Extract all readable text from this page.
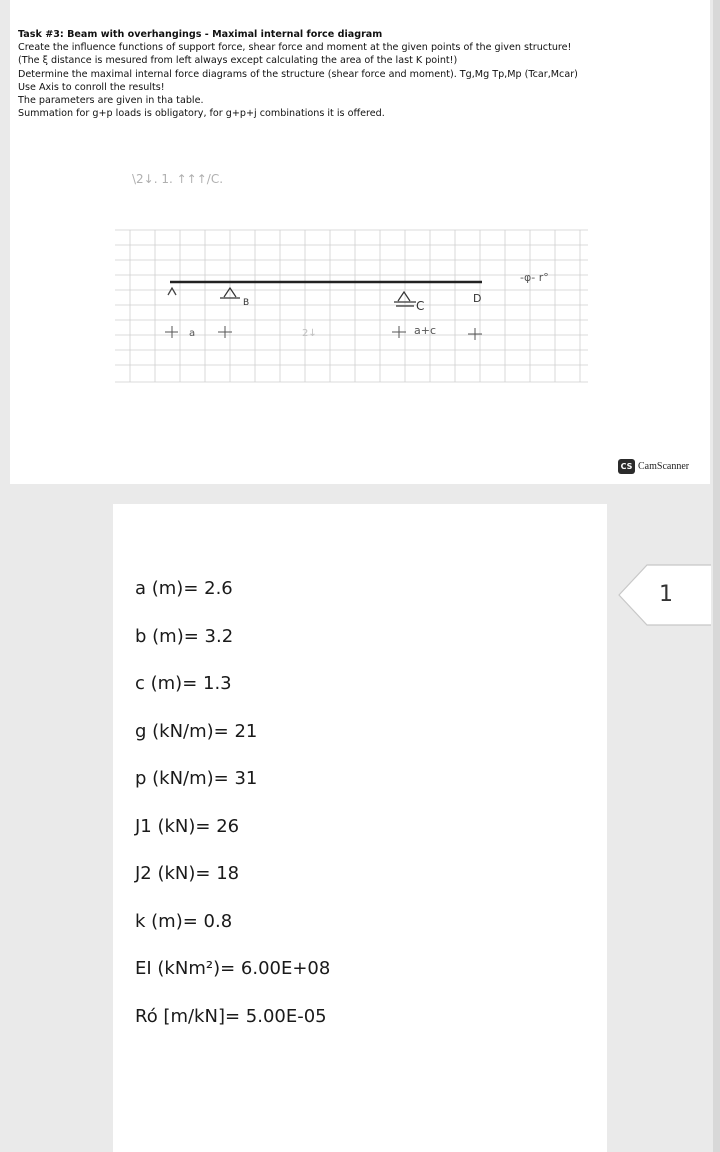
Task #3: Beam with overhangings - Maximal internal force diagram
Create the influence functions of support force, shear force and moment at the given points of the given structure!
(The ξ distance is mesured from left always except calculating the area of the last K point!)
Determine the maximal internal force diagrams of the structure (shear force and moment). Tg,Mg Tp,Mp (Tcar,Mcar)
Use Axis to conroll the results!
The parameters are given in tha table.
Summation for g+p loads is obligatory, for g+p+j combinations it is offered.
\2↓. 1. ↑↑↑/C.
B	C
D
-φ- r°
a	2↓	a+c
CS CamScanner
a (m)= 2.6
b (m)= 3.2
c (m)= 1.3
g (kN/m)= 21
p (kN/m)= 31
J1 (kN)= 26
J2 (kN)= 18
k (m)= 0.8
EI (kNm²)= 6.00E+08
Ró [m/kN]= 5.00E-05
1
